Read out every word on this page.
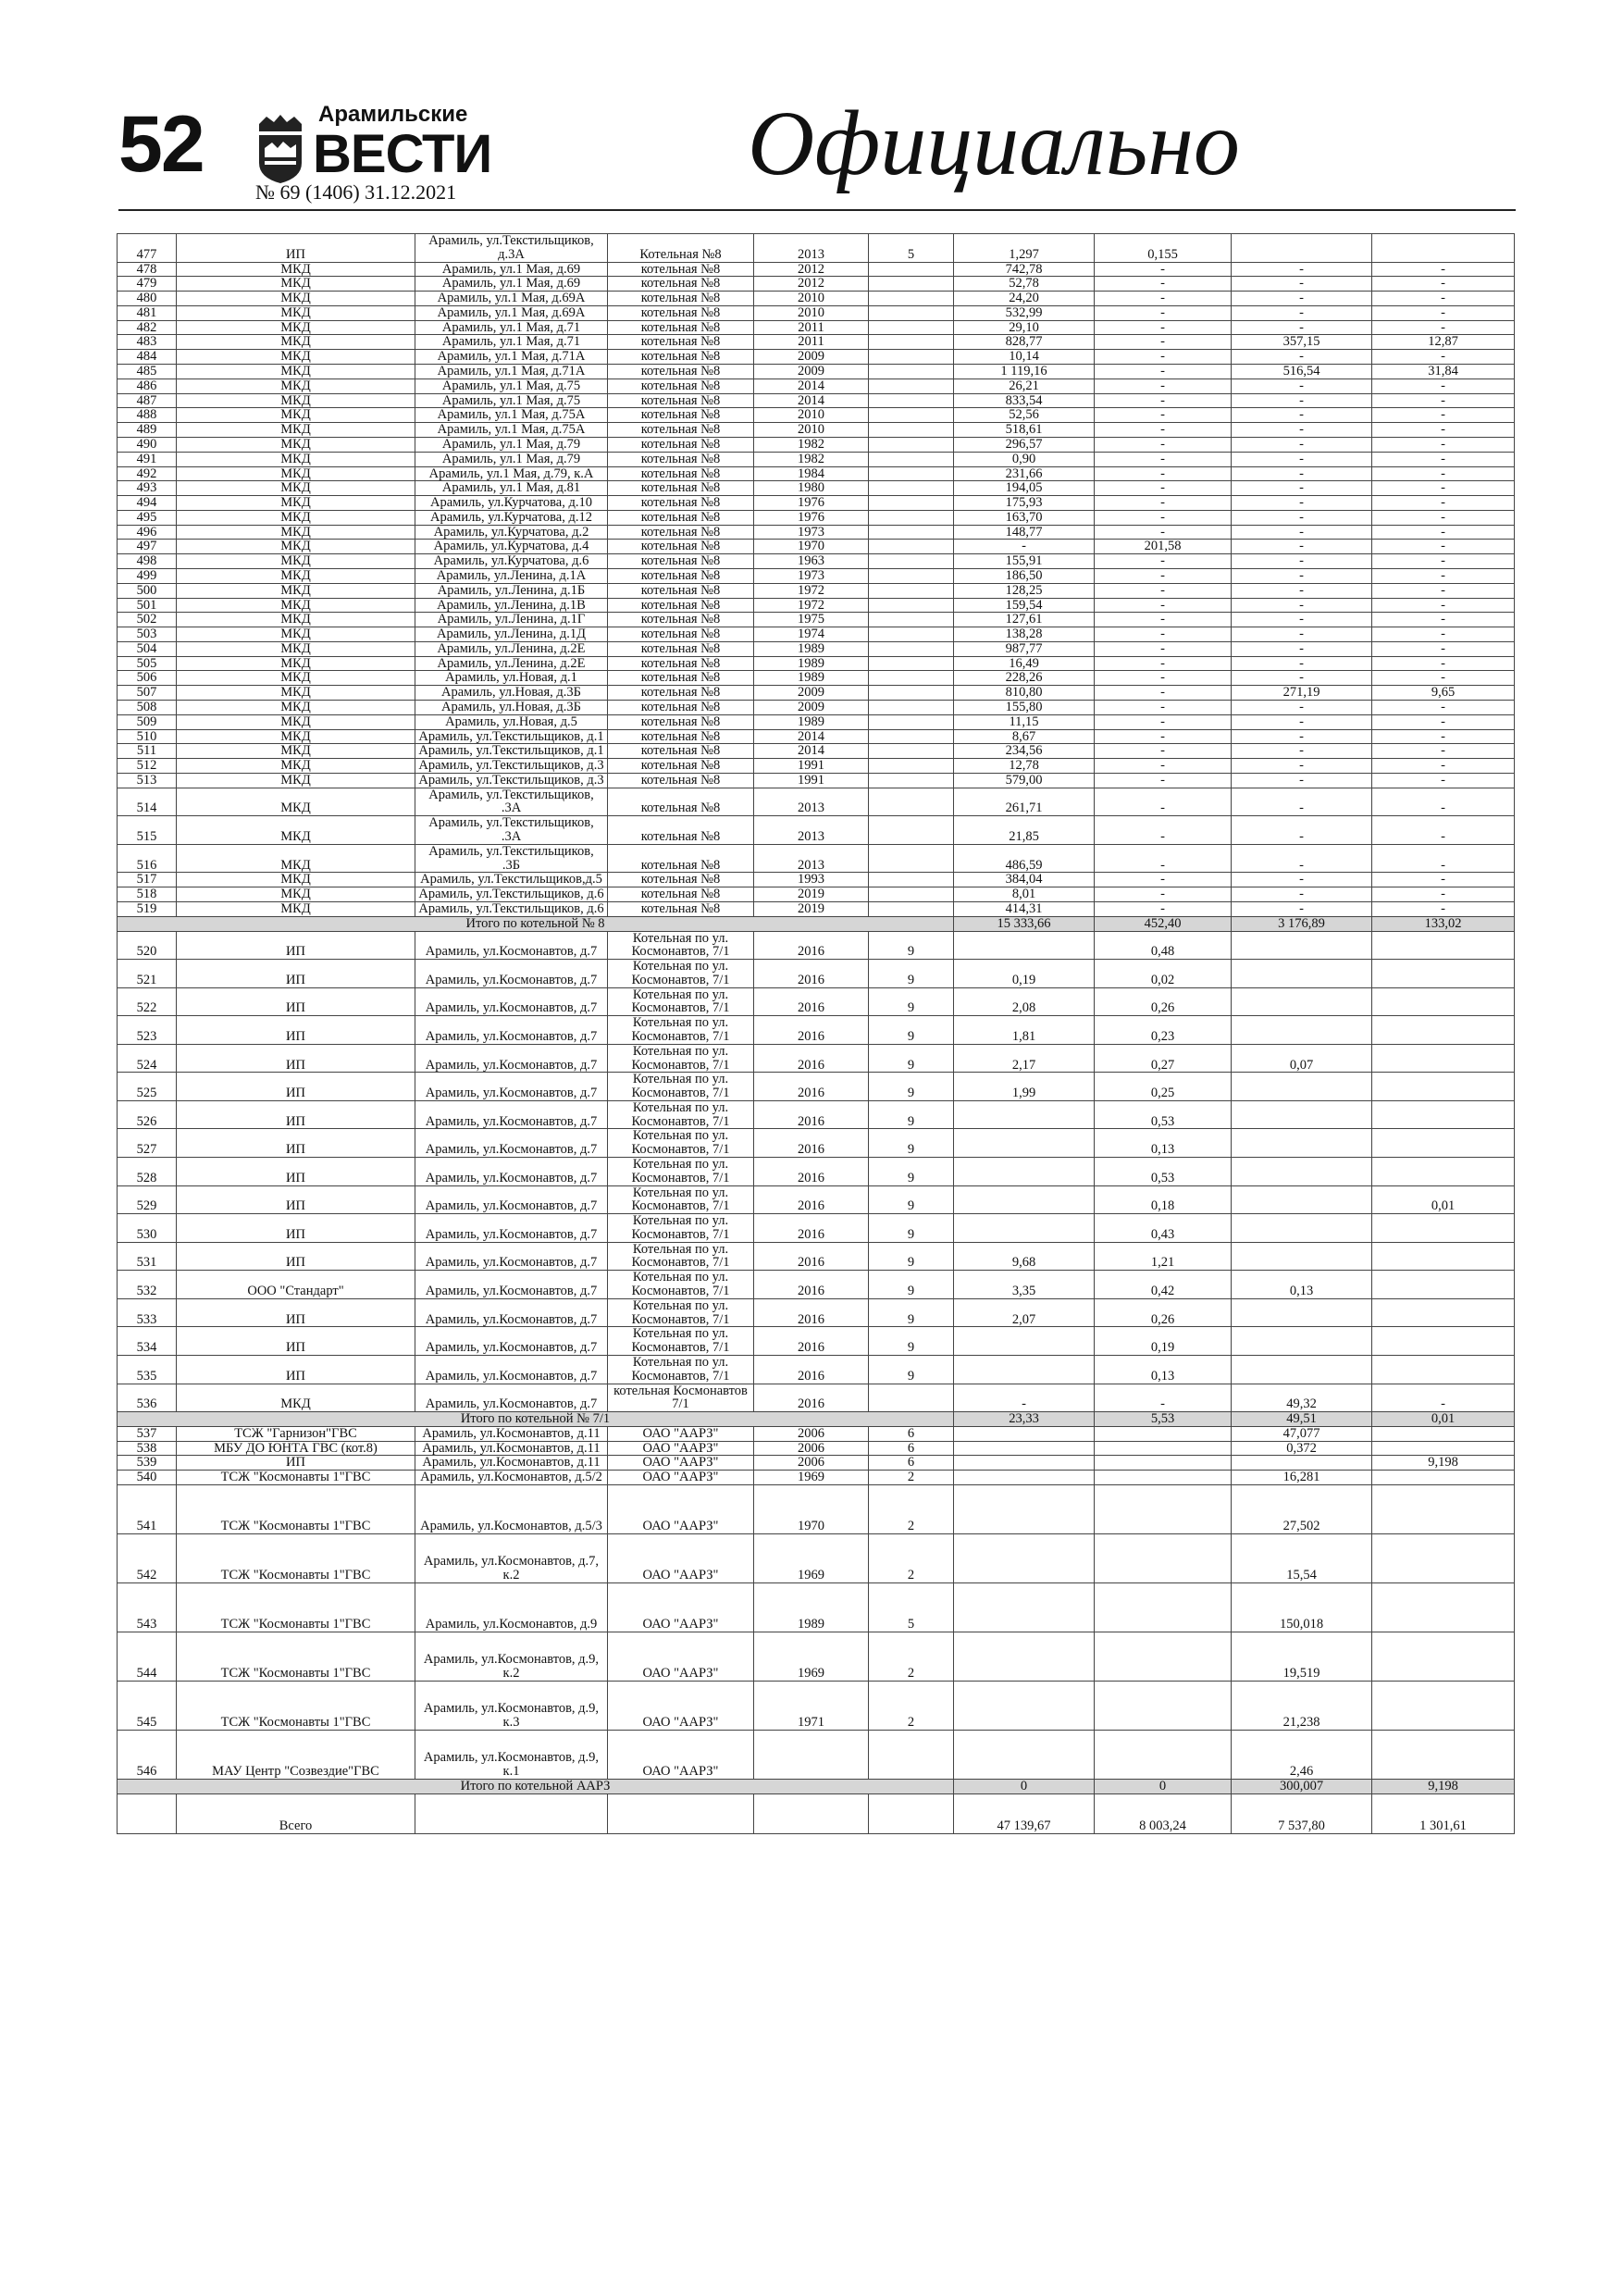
52	Арамильские
ВЕСТИ
№ 69 (1406) 31.12.2021	Официально
477	ИП	Арамиль, ул.Текстильщиков, д.3А	Котельная №8	2013	5	1,297	0,155		
478	МКД	Арамиль, ул.1 Мая, д.69	котельная №8	2012		742,78	-	-	-
479	МКД	Арамиль, ул.1 Мая, д.69	котельная №8	2012		52,78	-	-	-
480	МКД	Арамиль, ул.1 Мая, д.69А	котельная №8	2010		24,20	-	-	-
481	МКД	Арамиль, ул.1 Мая, д.69А	котельная №8	2010		532,99	-	-	-
482	МКД	Арамиль, ул.1 Мая, д.71	котельная №8	2011		29,10	-	-	-
483	МКД	Арамиль, ул.1 Мая, д.71	котельная №8	2011		828,77	-	357,15	12,87
484	МКД	Арамиль, ул.1 Мая, д.71А	котельная №8	2009		10,14	-	-	-
485	МКД	Арамиль, ул.1 Мая, д.71А	котельная №8	2009		1 119,16	-	516,54	31,84
486	МКД	Арамиль, ул.1 Мая, д.75	котельная №8	2014		26,21	-	-	-
487	МКД	Арамиль, ул.1 Мая, д.75	котельная №8	2014		833,54	-	-	-
488	МКД	Арамиль, ул.1 Мая, д.75А	котельная №8	2010		52,56	-	-	-
489	МКД	Арамиль, ул.1 Мая, д.75А	котельная №8	2010		518,61	-	-	-
490	МКД	Арамиль, ул.1 Мая, д.79	котельная №8	1982		296,57	-	-	-
491	МКД	Арамиль, ул.1 Мая, д.79	котельная №8	1982		0,90	-	-	-
492	МКД	Арамиль, ул.1 Мая, д.79, к.А	котельная №8	1984		231,66	-	-	-
493	МКД	Арамиль, ул.1 Мая, д.81	котельная №8	1980		194,05	-	-	-
494	МКД	Арамиль, ул.Курчатова, д.10	котельная №8	1976		175,93	-	-	-
495	МКД	Арамиль, ул.Курчатова, д.12	котельная №8	1976		163,70	-	-	-
496	МКД	Арамиль, ул.Курчатова, д.2	котельная №8	1973		148,77	-	-	-
497	МКД	Арамиль, ул.Курчатова, д.4	котельная №8	1970		-	201,58	-	-
498	МКД	Арамиль, ул.Курчатова, д.6	котельная №8	1963		155,91	-	-	-
499	МКД	Арамиль, ул.Ленина, д.1А	котельная №8	1973		186,50	-	-	-
500	МКД	Арамиль, ул.Ленина, д.1Б	котельная №8	1972		128,25	-	-	-
501	МКД	Арамиль, ул.Ленина, д.1В	котельная №8	1972		159,54	-	-	-
502	МКД	Арамиль, ул.Ленина, д.1Г	котельная №8	1975		127,61	-	-	-
503	МКД	Арамиль, ул.Ленина, д.1Д	котельная №8	1974		138,28	-	-	-
504	МКД	Арамиль, ул.Ленина, д.2Е	котельная №8	1989		987,77	-	-	-
505	МКД	Арамиль, ул.Ленина, д.2Е	котельная №8	1989		16,49	-	-	-
506	МКД	Арамиль, ул.Новая, д.1	котельная №8	1989		228,26	-	-	-
507	МКД	Арамиль, ул.Новая, д.3Б	котельная №8	2009		810,80	-	271,19	9,65
508	МКД	Арамиль, ул.Новая, д.3Б	котельная №8	2009		155,80	-	-	-
509	МКД	Арамиль, ул.Новая, д.5	котельная №8	1989		11,15	-	-	-
510	МКД	Арамиль, ул.Текстильщиков, д.1	котельная №8	2014		8,67	-	-	-
511	МКД	Арамиль, ул.Текстильщиков, д.1	котельная №8	2014		234,56	-	-	-
512	МКД	Арамиль, ул.Текстильщиков, д.3	котельная №8	1991		12,78	-	-	-
513	МКД	Арамиль, ул.Текстильщиков, д.3	котельная №8	1991		579,00	-	-	-
514	МКД	Арамиль, ул.Текстильщиков, .3А	котельная №8	2013		261,71	-	-	-
515	МКД	Арамиль, ул.Текстильщиков, .3А	котельная №8	2013		21,85	-	-	-
516	МКД	Арамиль, ул.Текстильщиков, .3Б	котельная №8	2013		486,59	-	-	-
517	МКД	Арамиль, ул.Текстильщиков,д.5	котельная №8	1993		384,04	-	-	-
518	МКД	Арамиль, ул.Текстильщиков, д.6	котельная №8	2019		8,01	-	-	-
519	МКД	Арамиль, ул.Текстильщиков, д.6	котельная №8	2019		414,31	-	-	-
Итого по котельной № 8						15 333,66	452,40	3 176,89	133,02
520	ИП	Арамиль, ул.Космонавтов, д.7	Котельная по ул. Космонавтов, 7/1	2016	9		0,48		
521	ИП	Арамиль, ул.Космонавтов, д.7	Котельная по ул. Космонавтов, 7/1	2016	9	0,19	0,02		
522	ИП	Арамиль, ул.Космонавтов, д.7	Котельная по ул. Космонавтов, 7/1	2016	9	2,08	0,26		
523	ИП	Арамиль, ул.Космонавтов, д.7	Котельная по ул. Космонавтов, 7/1	2016	9	1,81	0,23		
524	ИП	Арамиль, ул.Космонавтов, д.7	Котельная по ул. Космонавтов, 7/1	2016	9	2,17	0,27	0,07	
525	ИП	Арамиль, ул.Космонавтов, д.7	Котельная по ул. Космонавтов, 7/1	2016	9	1,99	0,25		
526	ИП	Арамиль, ул.Космонавтов, д.7	Котельная по ул. Космонавтов, 7/1	2016	9		0,53		
527	ИП	Арамиль, ул.Космонавтов, д.7	Котельная по ул. Космонавтов, 7/1	2016	9		0,13		
528	ИП	Арамиль, ул.Космонавтов, д.7	Котельная по ул. Космонавтов, 7/1	2016	9		0,53		
529	ИП	Арамиль, ул.Космонавтов, д.7	Котельная по ул. Космонавтов, 7/1	2016	9		0,18		0,01
530	ИП	Арамиль, ул.Космонавтов, д.7	Котельная по ул. Космонавтов, 7/1	2016	9		0,43		
531	ИП	Арамиль, ул.Космонавтов, д.7	Котельная по ул. Космонавтов, 7/1	2016	9	9,68	1,21		
532	ООО "Стандарт"	Арамиль, ул.Космонавтов, д.7	Котельная по ул. Космонавтов, 7/1	2016	9	3,35	0,42	0,13	
533	ИП	Арамиль, ул.Космонавтов, д.7	Котельная по ул. Космонавтов, 7/1	2016	9	2,07	0,26		
534	ИП	Арамиль, ул.Космонавтов, д.7	Котельная по ул. Космонавтов, 7/1	2016	9		0,19		
535	ИП	Арамиль, ул.Космонавтов, д.7	Котельная по ул. Космонавтов, 7/1	2016	9		0,13		
536	МКД	Арамиль, ул.Космонавтов, д.7	котельная Космонавтов 7/1	2016		-	-	49,32	-
Итого по котельной № 7/1						23,33	5,53	49,51	0,01
537	ТСЖ "Гарнизон"ГВС	Арамиль, ул.Космонавтов, д.11	ОАО "ААРЗ"	2006	6			47,077	
538	МБУ ДО ЮНТА ГВС (кот.8)	Арамиль, ул.Космонавтов, д.11	ОАО "ААРЗ"	2006	6			0,372	
539	ИП	Арамиль, ул.Космонавтов, д.11	ОАО "ААРЗ"	2006	6				9,198
540	ТСЖ "Космонавты 1"ГВС	Арамиль, ул.Космонавтов, д.5/2	ОАО "ААРЗ"	1969	2			16,281	
541	ТСЖ "Космонавты 1"ГВС	Арамиль, ул.Космонавтов, д.5/3	ОАО "ААРЗ"	1970	2			27,502	
542	ТСЖ "Космонавты 1"ГВС	Арамиль, ул.Космонавтов, д.7, к.2	ОАО "ААРЗ"	1969	2			15,54	
543	ТСЖ "Космонавты 1"ГВС	Арамиль, ул.Космонавтов, д.9	ОАО "ААРЗ"	1989	5			150,018	
544	ТСЖ "Космонавты 1"ГВС	Арамиль, ул.Космонавтов, д.9, к.2	ОАО "ААРЗ"	1969	2			19,519	
545	ТСЖ "Космонавты 1"ГВС	Арамиль, ул.Космонавтов, д.9, к.3	ОАО "ААРЗ"	1971	2			21,238	
546	МАУ Центр "Созвездие"ГВС	Арамиль, ул.Космонавтов, д.9, к.1	ОАО "ААРЗ"					2,46	
Итого по котельной ААРЗ						0	0	300,007	9,198
	Всего					47 139,67	8 003,24	7 537,80	1 301,61
